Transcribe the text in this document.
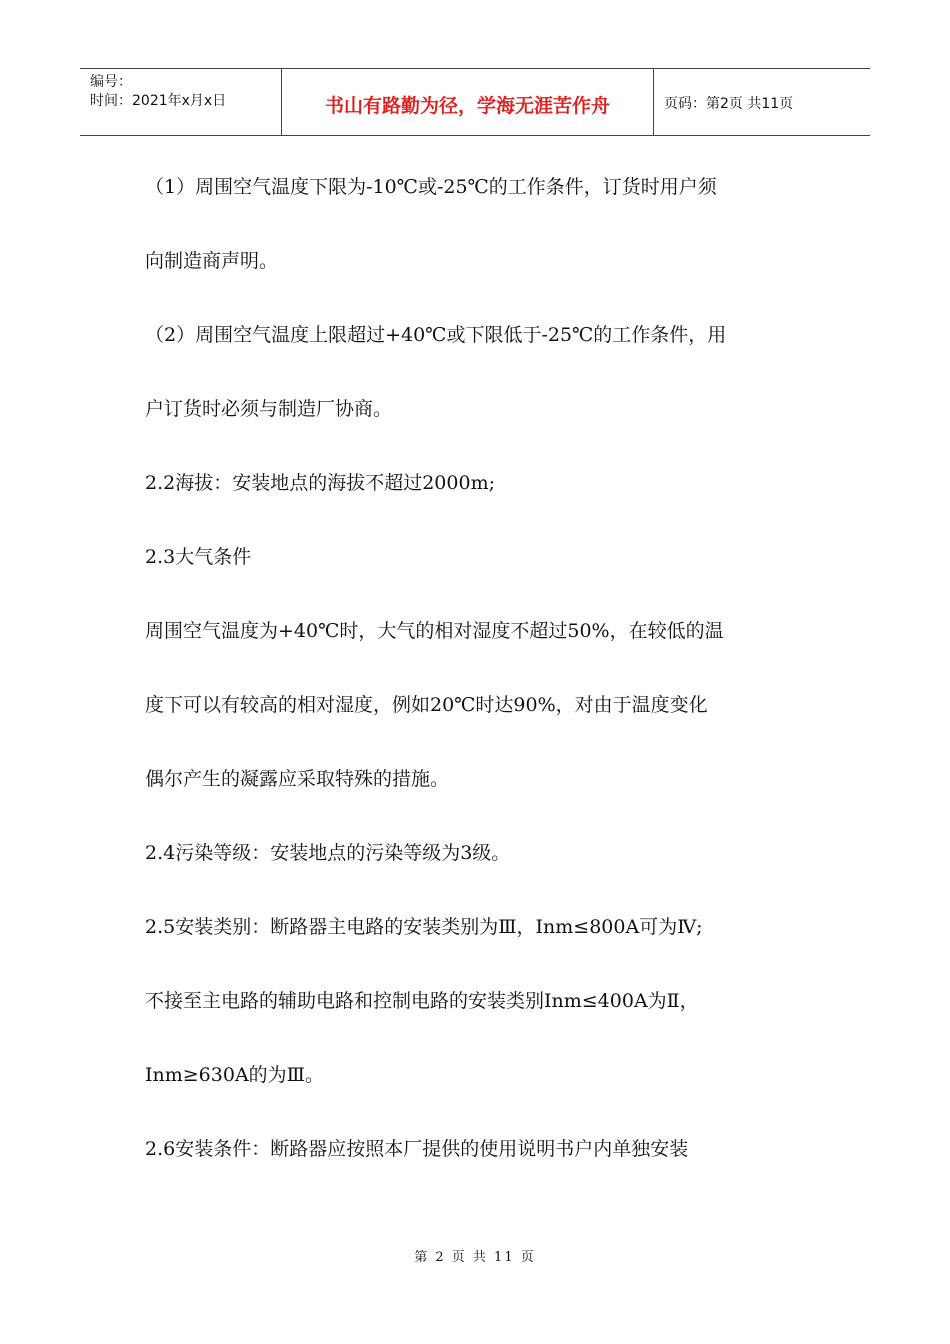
编号：
时间：2021年x月x日	书山有路勤为径，学海无涯苦作舟	页码：第2页 共11页

（1）周围空气温度下限为-10℃或-25℃的工作条件，订货时用户须

向制造商声明。

（2）周围空气温度上限超过+40℃或下限低于-25℃的工作条件，用

户订货时必须与制造厂协商。

2.2海拔：安装地点的海拔不超过2000m;

2.3大气条件

周围空气温度为+40℃时，大气的相对湿度不超过50%，在较低的温

度下可以有较高的相对湿度，例如20℃时达90%，对由于温度变化

偶尔产生的凝露应采取特殊的措施。

2.4污染等级：安装地点的污染等级为3级。

2.5安装类别：断路器主电路的安装类别为Ⅲ，Inm≤800A可为Ⅳ;

不接至主电路的辅助电路和控制电路的安装类别Inm≤400A为Ⅱ，

Inm≥630A的为Ⅲ。

2.6安装条件：断路器应按照本厂提供的使用说明书户内单独安装

第 2 页 共 11 页
